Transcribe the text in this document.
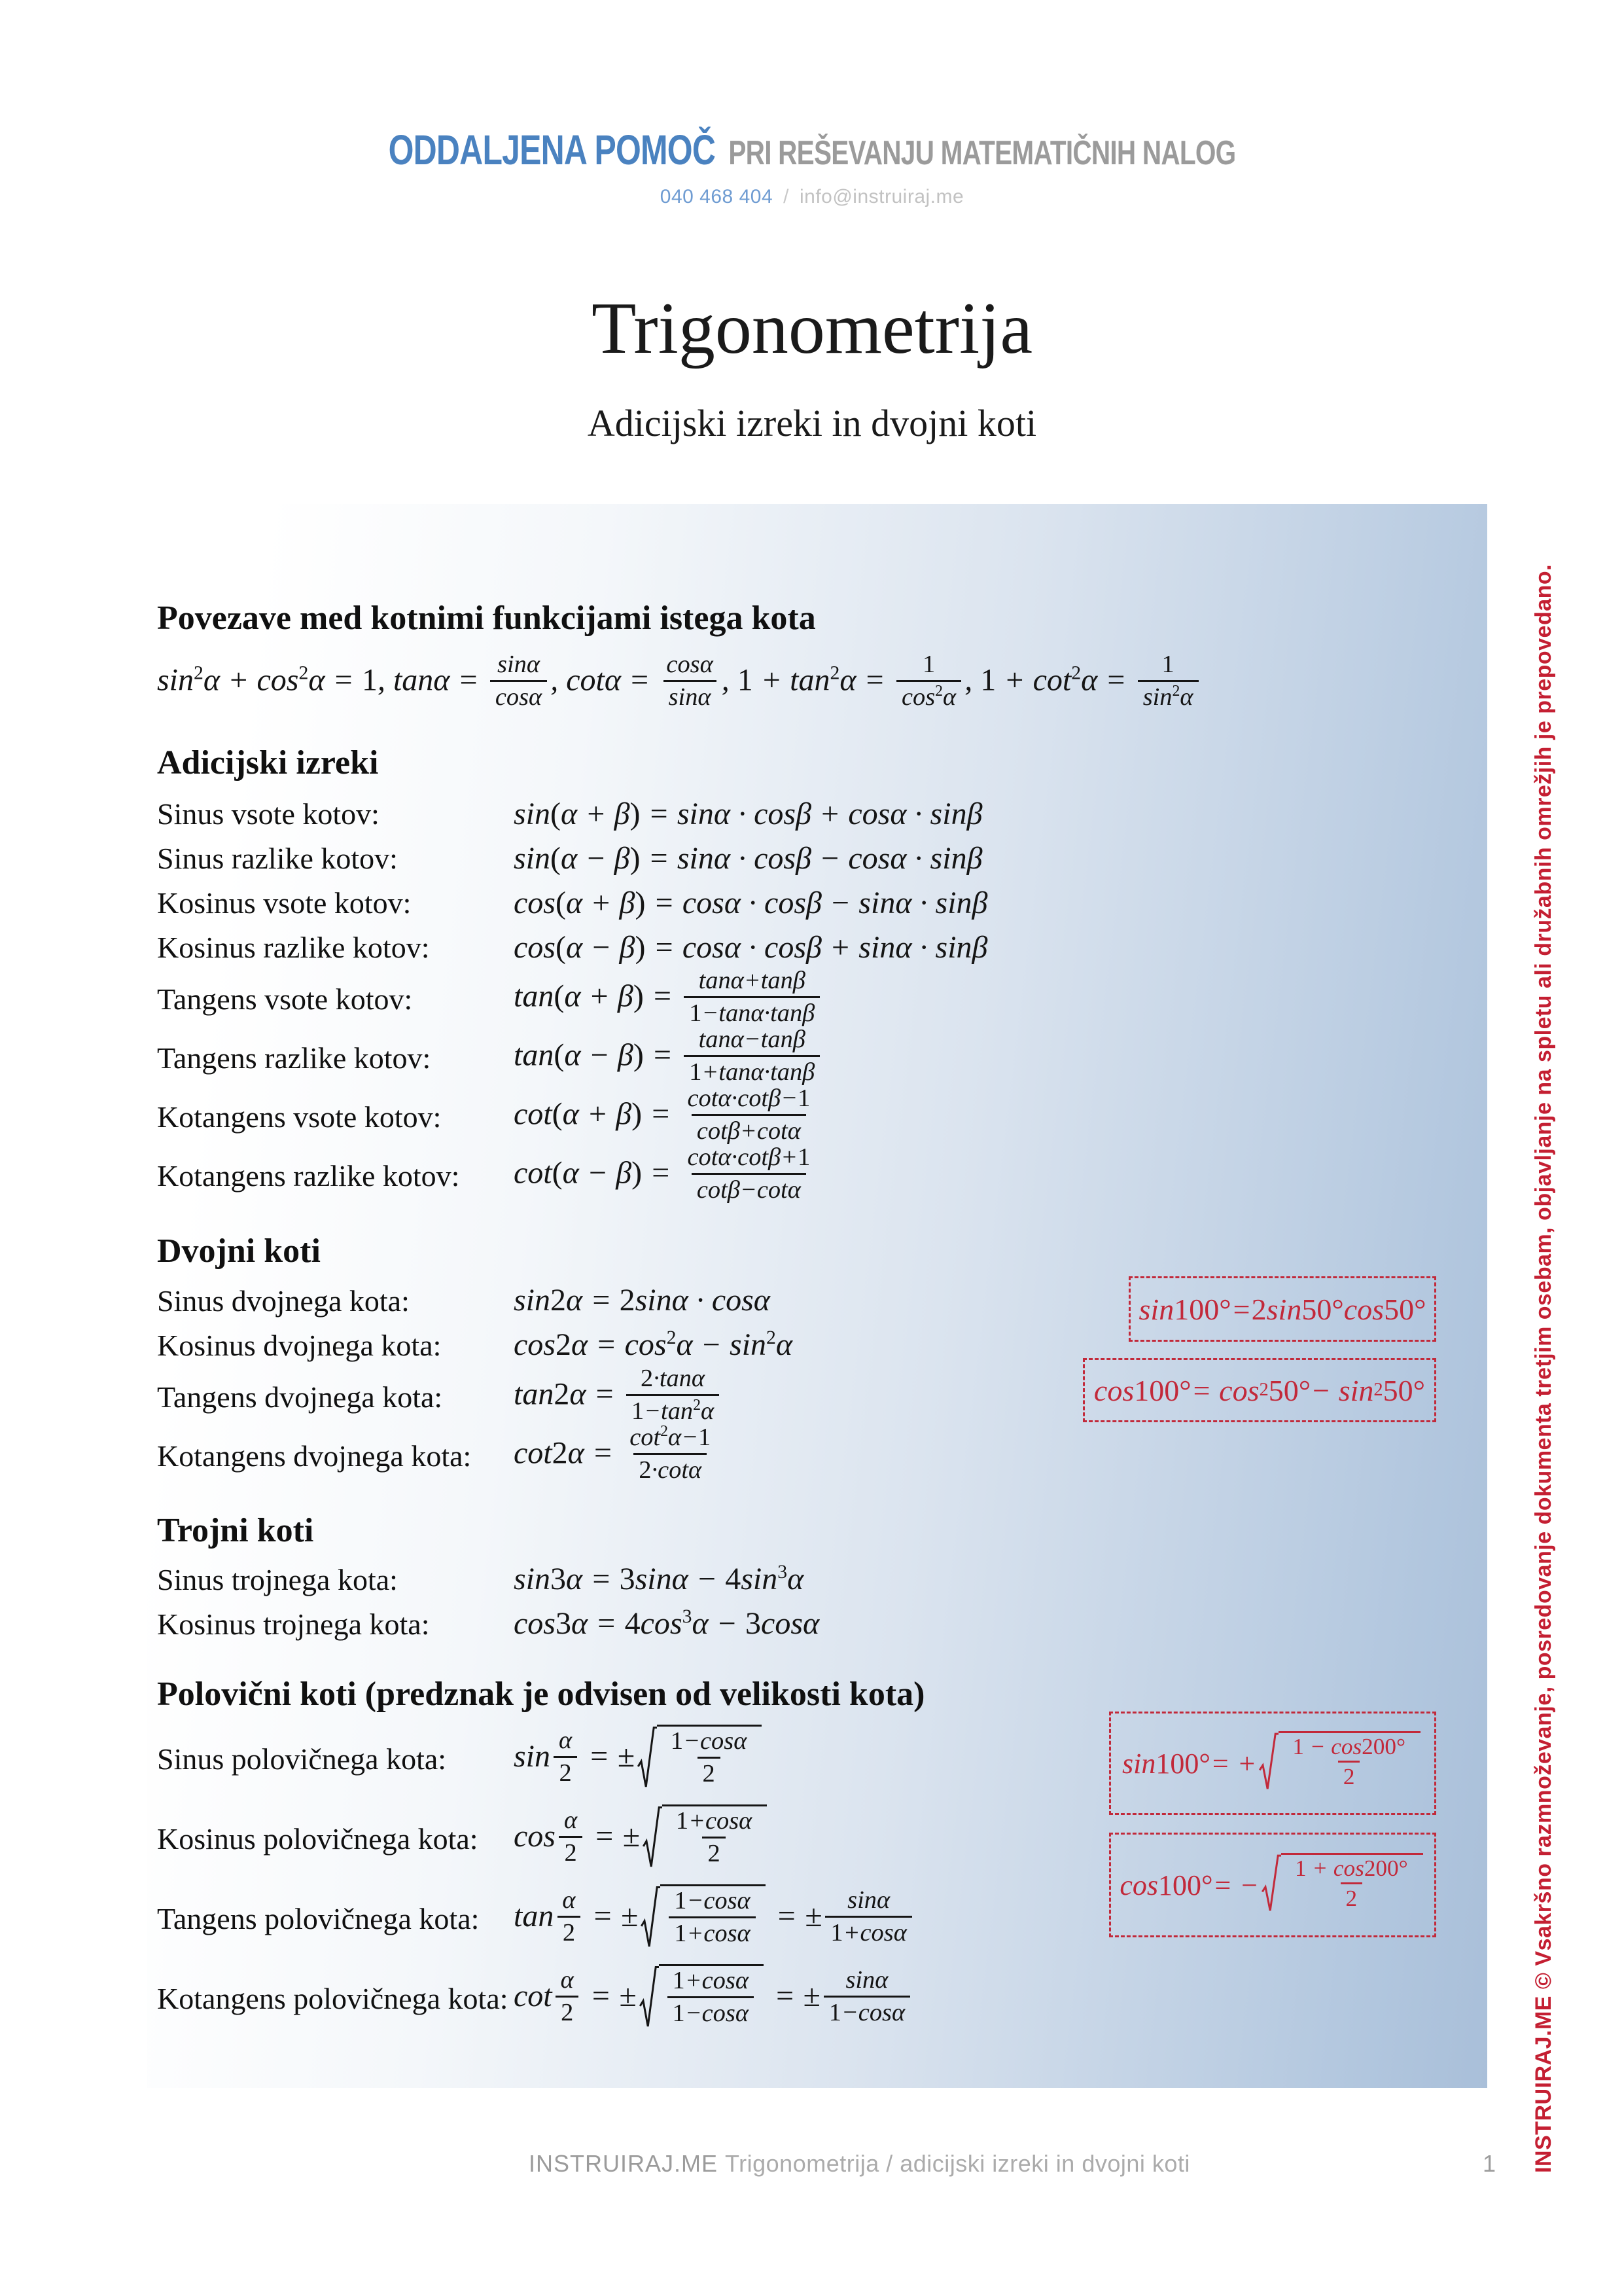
ODDALJENA POMOČ PRI REŠEVANJU MATEMATIČNIH NALOG
040 468 404 / info@instruiraj.me
Trigonometrija
Adicijski izreki in dvojni koti
Povezave med kotnimi funkcijami istega kota
$\sin^2\alpha + \cos^2\alpha = 1$, $\tan\alpha = \frac{\sin\alpha}{\cos\alpha}$ , $\cot\alpha = \frac{\cos\alpha}{\sin\alpha}$ , $1 + \tan^2\alpha = \frac{1}{\cos^2\alpha}$ , $1 + \cot^2\alpha = \frac{1}{\sin^2\alpha}$
Adicijski izreki
Sinus vsote kotov:	sin(α + β) = sinα · cosβ + cosα · sinβ
Sinus razlike kotov:	sin(α − β) = sinα · cosβ − cosα · sinβ
Kosinus vsote kotov:	cos(α + β) = cosα · cosβ − sinα · sinβ
Kosinus razlike kotov:	cos(α − β) = cosα · cosβ + sinα · sinβ
Tangens vsote kotov:	$\tan(\alpha + \beta) = \frac{\tan\alpha+\tan\beta}{1-\tan\alpha\cdot\tan\beta}$
Tangens razlike kotov:	$\tan(\alpha - \beta) = \frac{\tan\alpha-\tan\beta}{1+\tan\alpha\cdot\tan\beta}$
Kotangens vsote kotov:	$\cot(\alpha + \beta) = \frac{\cot\alpha\cdot\cot\beta-1}{\cot\beta+\cot\alpha}$
Kotangens razlike kotov:	$\cot(\alpha - \beta) = \frac{\cot\alpha\cdot\cot\beta+1}{\cot\beta-\cot\alpha}$
Dvojni koti
Sinus dvojnega kota:	sin2α = 2sinα · cosα
Kosinus dvojnega kota:	$\cos 2\alpha = \cos^2\alpha - \sin^2\alpha$
Tangens dvojnega kota:	$\tan 2\alpha = \frac{2\cdot\tan\alpha}{1-\tan^2\alpha}$
Kotangens dvojnega kota:	$\cot 2\alpha = \frac{\cot^2\alpha-1}{2\cdot\cot\alpha}$
Trojni koti
Sinus trojnega kota:	$\sin 3\alpha = 3\sin\alpha - 4\sin^3\alpha$
Kosinus trojnega kota:	$\cos 3\alpha = 4\cos^3\alpha - 3\cos\alpha$
Polovični koti (predznak je odvisen od velikosti kota)
Sinus polovičnega kota:	$\sin \frac{\alpha}{2}$ = ± $\frac{1-\cos\alpha}{2}$
Kosinus polovičnega kota:	$\cos \frac{\alpha}{2}$ = ± $\frac{1+\cos\alpha}{2}$
Tangens polovičnega kota:	$\tan \frac{\alpha}{2}$ = ± $\frac{1-\cos\alpha}{1+\cos\alpha}$ = ± $\frac{\sin\alpha}{1+\cos\alpha}$
Kotangens polovičnega kota: $\cot \frac{\alpha}{2}$ = ± $\frac{1+\cos\alpha}{1-\cos\alpha}$ = ± $\frac{\sin\alpha}{1-\cos\alpha}$
sin 100° = 2 sin 50° cos 50°
cos 100° = cos 2 50° − sin 2 50°
sin 100° = + $\frac{1 - \cos 200^\circ}{2}$
cos 100° = − $\frac{1 + \cos 200^\circ}{2}$	INSTRUIRAJ.ME © Vsakršno razmnoževanje, posredovanje dokumenta tretjim osebam, objavljanje na spletu ali družabnih omrežjih je prepovedano.
INSTRUIRAJ.ME Trigonometrija / adicijski izreki in dvojni koti	1
